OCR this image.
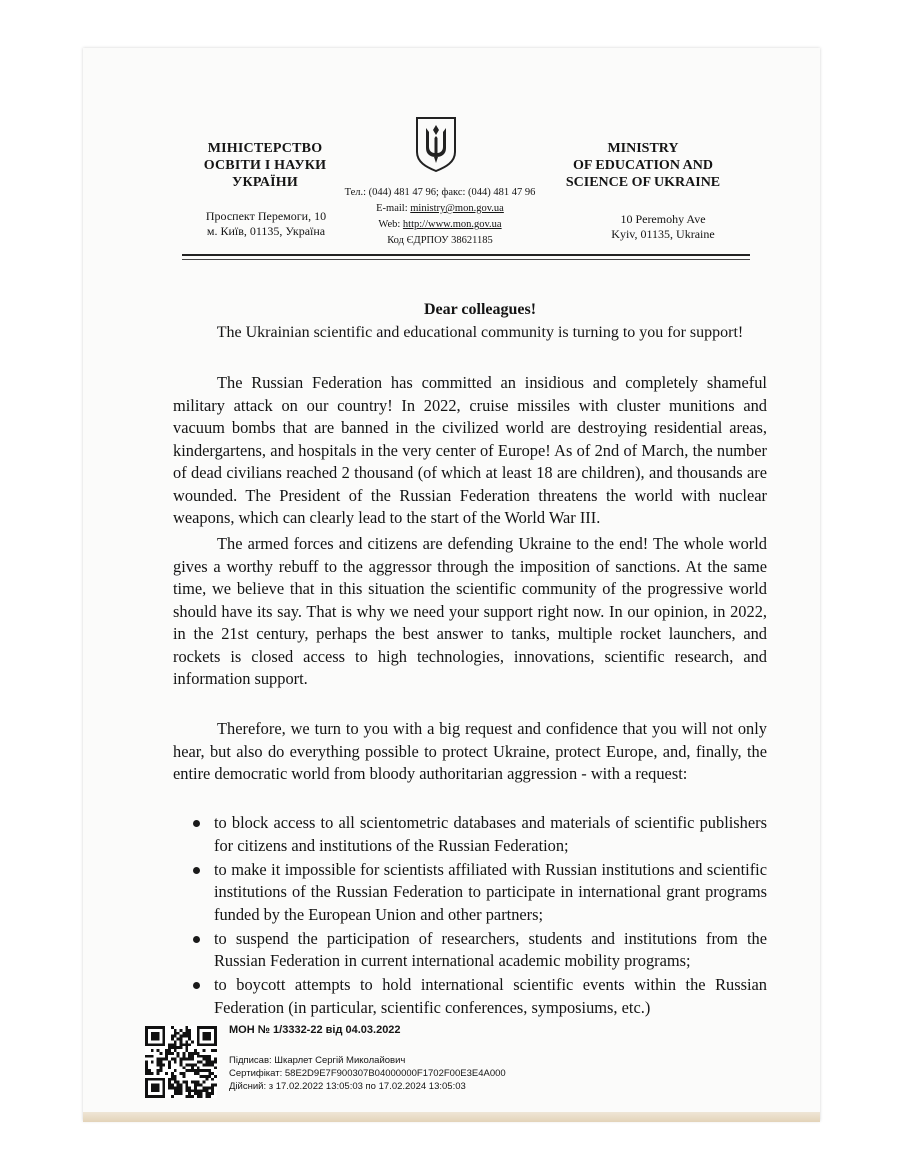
МІНІСТЕРСТВО
ОСВІТИ І НАУКИ
УКРАЇНИ
MINISTRY
OF EDUCATION AND
SCIENCE OF UKRAINE
Тел.: (044) 481 47 96; факс: (044) 481 47 96
E-mail: ministry@mon.gov.ua
Web: http://www.mon.gov.ua
Код ЄДРПОУ 38621185
Проспект Перемоги, 10
м. Київ, 01135, Україна
10 Peremohy Ave
Kyiv, 01135, Ukraine
Dear colleagues!
The Ukrainian scientific and educational community is turning to you for support!

The Russian Federation has committed an insidious and completely shameful military attack on our country! In 2022, cruise missiles with cluster munitions and vacuum bombs that are banned in the civilized world are destroying residential areas, kindergartens, and hospitals in the very center of Europe! As of 2nd of March, the number of dead civilians reached 2 thousand (of which at least 18 are children), and thousands are wounded. The President of the Russian Federation threatens the world with nuclear weapons, which can clearly lead to the start of the World War III.

The armed forces and citizens are defending Ukraine to the end! The whole world gives a worthy rebuff to the aggressor through the imposition of sanctions. At the same time, we believe that in this situation the scientific community of the progressive world should have its say. That is why we need your support right now. In our opinion, in 2022, in the 21st century, perhaps the best answer to tanks, multiple rocket launchers, and rockets is closed access to high technologies, innovations, scientific research, and information support.

Therefore, we turn to you with a big request and confidence that you will not only hear, but also do everything possible to protect Ukraine, protect Europe, and, finally, the entire democratic world from bloody authoritarian aggression - with a request:

to block access to all scientometric databases and materials of scientific publishers for citizens and institutions of the Russian Federation;
to make it impossible for scientists affiliated with Russian institutions and scientific institutions of the Russian Federation to participate in international grant programs funded by the European Union and other partners;
to suspend the participation of researchers, students and institutions from the Russian Federation in current international academic mobility programs;
to boycott attempts to hold international scientific events within the Russian Federation (in particular, scientific conferences, symposiums, etc.)
МОН № 1/3332-22 від 04.03.2022
Підписав: Шкарлет Сергій Миколайович
Сертифікат: 58E2D9E7F900307B04000000F1702F00E3E4A000
Дійсний: з 17.02.2022 13:05:03 по 17.02.2024 13:05:03
